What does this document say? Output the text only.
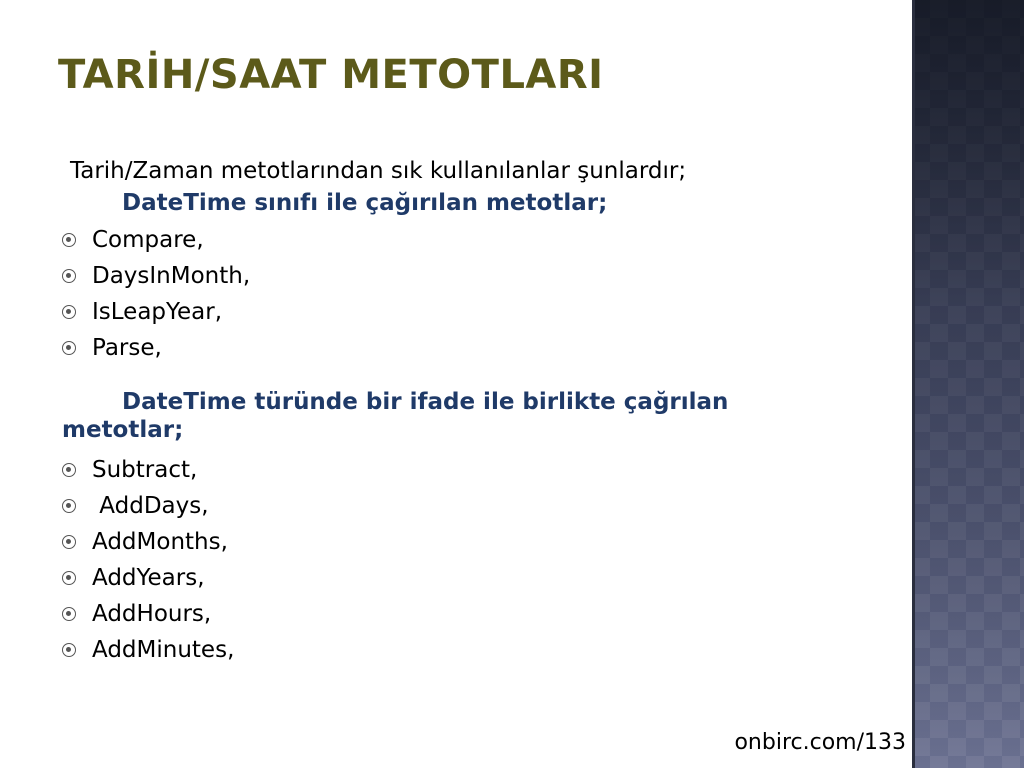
TARİH/SAAT METOTLARI

Tarih/Zaman metotlarından sık kullanılanlar şunlardır;

DateTime sınıfı ile çağırılan metotlar;

Compare,
DaysInMonth,
IsLeapYear,
Parse,

DateTime türünde bir ifade ile birlikte çağrılan
metotlar;

Subtract,
AddDays,
AddMonths,
AddYears,
AddHours,
AddMinutes,
onbirc.com/133
